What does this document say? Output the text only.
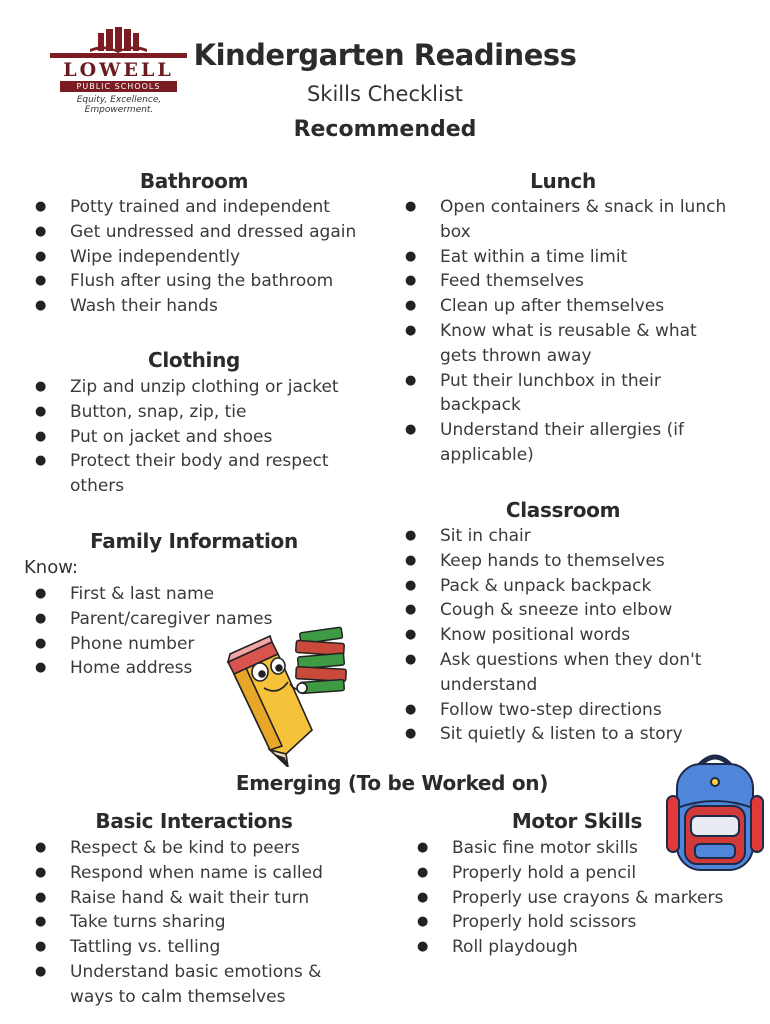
LOWELL
PUBLIC SCHOOLS
Equity, Excellence, Empowerment.
Kindergarten Readiness
Skills Checklist
Recommended
Bathroom
● Potty trained and independent
● Get undressed and dressed again
● Wipe independently
● Flush after using the bathroom
● Wash their hands
Lunch
● Open containers & snack in lunch box
● Eat within a time limit
● Feed themselves
● Clean up after themselves
● Know what is reusable & what gets thrown away
● Put their lunchbox in their backpack
● Understand their allergies (if applicable)
Clothing
● Zip and unzip clothing or jacket
● Button, snap, zip, tie
● Put on jacket and shoes
● Protect their body and respect others
Family Information
Know:
● First & last name
● Parent/caregiver names
● Phone number
● Home address
Classroom
● Sit in chair
● Keep hands to themselves
● Pack & unpack backpack
● Cough & sneeze into elbow
● Know positional words
● Ask questions when they don't understand
● Follow two-step directions
● Sit quietly & listen to a story
Emerging (To be Worked on)
Basic Interactions
● Respect & be kind to peers
● Respond when name is called
● Raise hand & wait their turn
● Take turns sharing
● Tattling vs. telling
● Understand basic emotions & ways to calm themselves
Motor Skills
● Basic fine motor skills
● Properly hold a pencil
● Properly use crayons & markers
● Properly hold scissors
● Roll playdough
